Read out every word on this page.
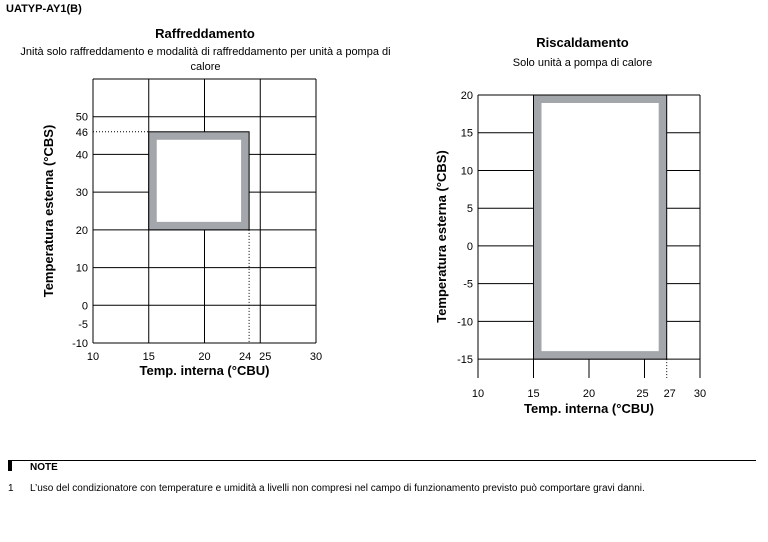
UATYP-AY1(B)
Raffreddamento
Jnità solo raffreddamento e modalità di raffreddamento per unità a pompa di calore
Riscaldamento
Solo unità a pompa di calore
-10
-5
0
10
20
30
40
46
50
10	15	20	24 25	30
Temp. interna (°CBU)
Temperatura esterna (°CBS)
-15
-10
-5
0
5
10
15
20
10	15	20	25 27 30
Temp. interna (°CBU)
Temperatura esterna (°CBS)
NOTE
1 L’uso del condizionatore con temperature e umidità a livelli non compresi nel campo di funzionamento previsto può comportare gravi danni.
